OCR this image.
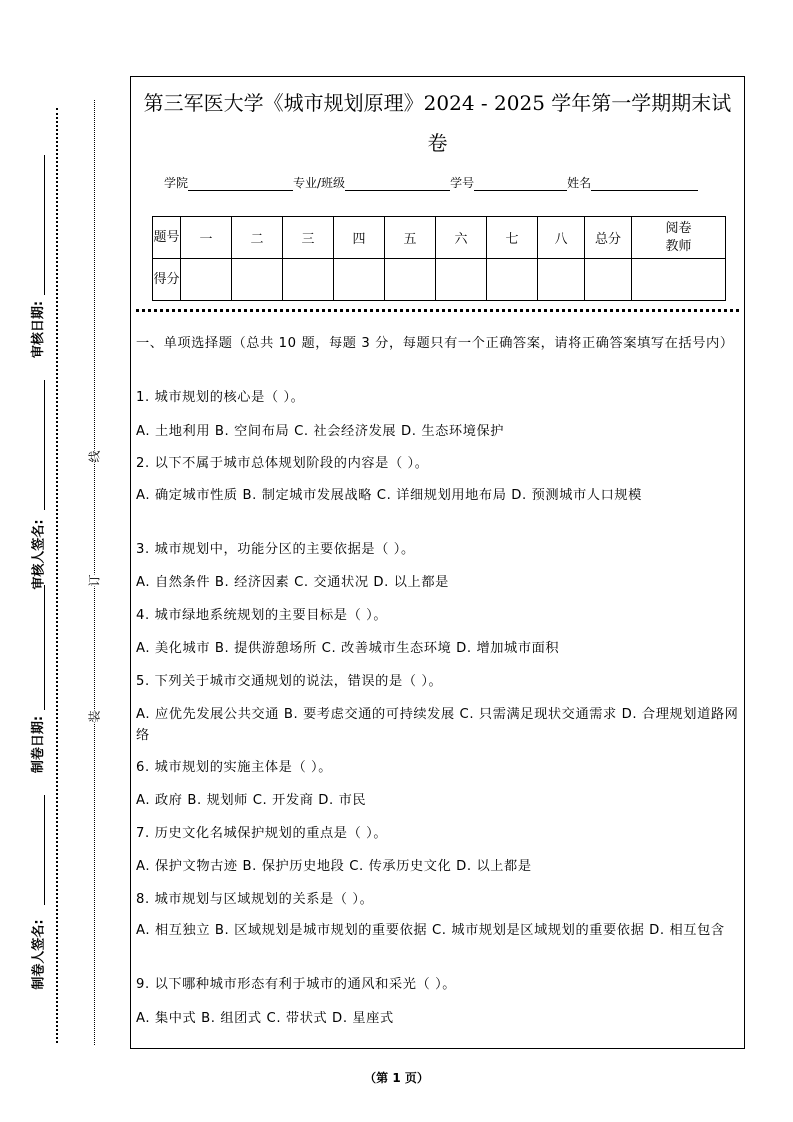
审核日期:
审核人签名:
制卷日期:
制卷人签名:
线
订
装
第三军医大学《城市规划原理》2024 - 2025 学年第一学期期末试
卷
学院	专业/班级	学号	姓名
题号	一	二	三	四	五	六	七	八	总分	阅卷教师
得分										
一、单项选择题（总共 10 题，每题 3 分，每题只有一个正确答案，请将正确答案填写在括号内）
1. 城市规划的核心是（ ）。
A. 土地利用 B. 空间布局 C. 社会经济发展 D. 生态环境保护
2. 以下不属于城市总体规划阶段的内容是（ ）。
A. 确定城市性质 B. 制定城市发展战略 C. 详细规划用地布局 D. 预测城市人口规模
3. 城市规划中，功能分区的主要依据是（ ）。
A. 自然条件 B. 经济因素 C. 交通状况 D. 以上都是
4. 城市绿地系统规划的主要目标是（ ）。
A. 美化城市 B. 提供游憩场所 C. 改善城市生态环境 D. 增加城市面积
5. 下列关于城市交通规划的说法，错误的是（ ）。
A. 应优先发展公共交通 B. 要考虑交通的可持续发展 C. 只需满足现状交通需求 D. 合理规划道路网络
6. 城市规划的实施主体是（ ）。
A. 政府 B. 规划师 C. 开发商 D. 市民
7. 历史文化名城保护规划的重点是（ ）。
A. 保护文物古迹 B. 保护历史地段 C. 传承历史文化 D. 以上都是
8. 城市规划与区域规划的关系是（ ）。
A. 相互独立 B. 区域规划是城市规划的重要依据 C. 城市规划是区域规划的重要依据 D. 相互包含
9. 以下哪种城市形态有利于城市的通风和采光（ ）。
A. 集中式 B. 组团式 C. 带状式 D. 星座式
（第 1 页）
